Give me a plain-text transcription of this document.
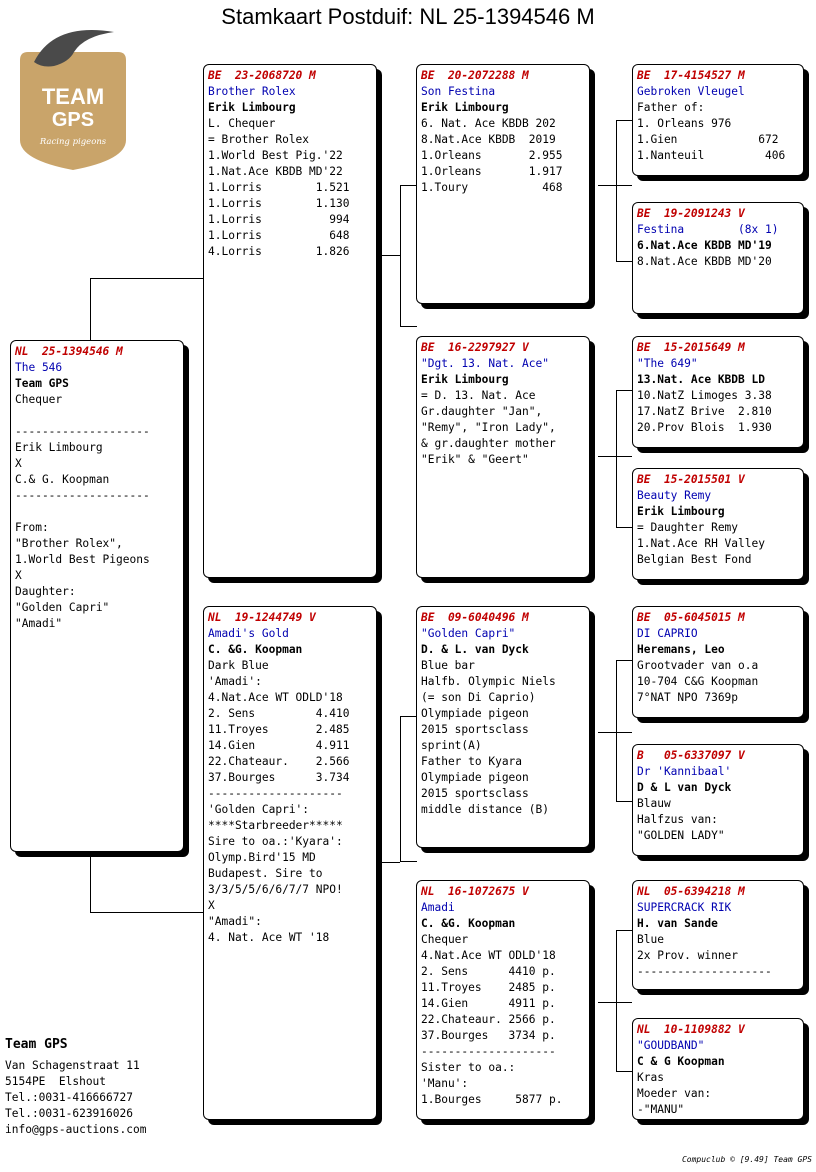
Stamkaart Postduif: NL 25-1394546 M
TEAM
GPS
Racing pigeons
NL  25-1394546 M
The 546
Team GPS
Chequer
--------------------
Erik Limbourg
X
C.& G. Koopman
--------------------
From:
"Brother Rolex",
1.World Best Pigeons
X
Daughter:
"Golden Capri"
"Amadi"
BE  23-2068720 M
Brother Rolex
Erik Limbourg
L. Chequer
= Brother Rolex
1.World Best Pig.'22
1.Nat.Ace KBDB MD'22
1.Lorris        1.521
1.Lorris        1.130
1.Lorris          994
1.Lorris          648
4.Lorris        1.826
NL  19-1244749 V
Amadi's Gold
C. &G. Koopman
Dark Blue
'Amadi':
4.Nat.Ace WT ODLD'18
2. Sens         4.410
11.Troyes       2.485
14.Gien         4.911
22.Chateaur.    2.566
37.Bourges      3.734
--------------------
'Golden Capri':
****Starbreeder*****
Sire to oa.:'Kyara':
Olymp.Bird'15 MD
Budapest. Sire to
3/3/5/5/6/6/7/7 NPO!
X
"Amadi":
4. Nat. Ace WT '18
BE  20-2072288 M
Son Festina
Erik Limbourg
6. Nat. Ace KBDB 202
8.Nat.Ace KBDB  2019
1.Orleans       2.955
1.Orleans       1.917
1.Toury           468
BE  16-2297927 V
"Dgt. 13. Nat. Ace"
Erik Limbourg
= D. 13. Nat. Ace
Gr.daughter "Jan",
"Remy", "Iron Lady",
& gr.daughter mother
"Erik" & "Geert"
BE  09-6040496 M
"Golden Capri"
D. & L. van Dyck
Blue bar
Halfb. Olympic Niels
(= son Di Caprio)
Olympiade pigeon
2015 sportsclass
sprint(A)
Father to Kyara
Olympiade pigeon
2015 sportsclass
middle distance (B)
NL  16-1072675 V
Amadi
C. &G. Koopman
Chequer
4.Nat.Ace WT ODLD'18
2. Sens      4410 p.
11.Troyes    2485 p.
14.Gien      4911 p.
22.Chateaur. 2566 p.
37.Bourges   3734 p.
--------------------
Sister to oa.:
'Manu':
1.Bourges     5877 p.
BE  17-4154527 M
Gebroken Vleugel
Father of:
1. Orleans 976
1.Gien            672
1.Nanteuil         406
BE  19-2091243 V
Festina        (8x 1)
6.Nat.Ace KBDB MD'19
8.Nat.Ace KBDB MD'20
BE  15-2015649 M
"The 649"
13.Nat. Ace KBDB LD
10.NatZ Limoges 3.38
17.NatZ Brive  2.810
20.Prov Blois  1.930
BE  15-2015501 V
Beauty Remy
Erik Limbourg
= Daughter Remy
1.Nat.Ace RH Valley
Belgian Best Fond
BE  05-6045015 M
DI CAPRIO
Heremans, Leo
Grootvader van o.a
10-704 C&G Koopman
7°NAT NPO 7369p
B   05-6337097 V
Dr 'Kannibaal'
D & L van Dyck
Blauw
Halfzus van:
"GOLDEN LADY"
NL  05-6394218 M
SUPERCRACK RIK
H. van Sande
Blue
2x Prov. winner
--------------------
NL  10-1109882 V
"GOUDBAND"
C & G Koopman
Kras
Moeder van:
-"MANU"
Team GPS
Van Schagenstraat 11
5154PE  Elshout
Tel.:0031-416666727
Tel.:0031-623916026
info@gps-auctions.com
Compuclub © [9.49] Team GPS
